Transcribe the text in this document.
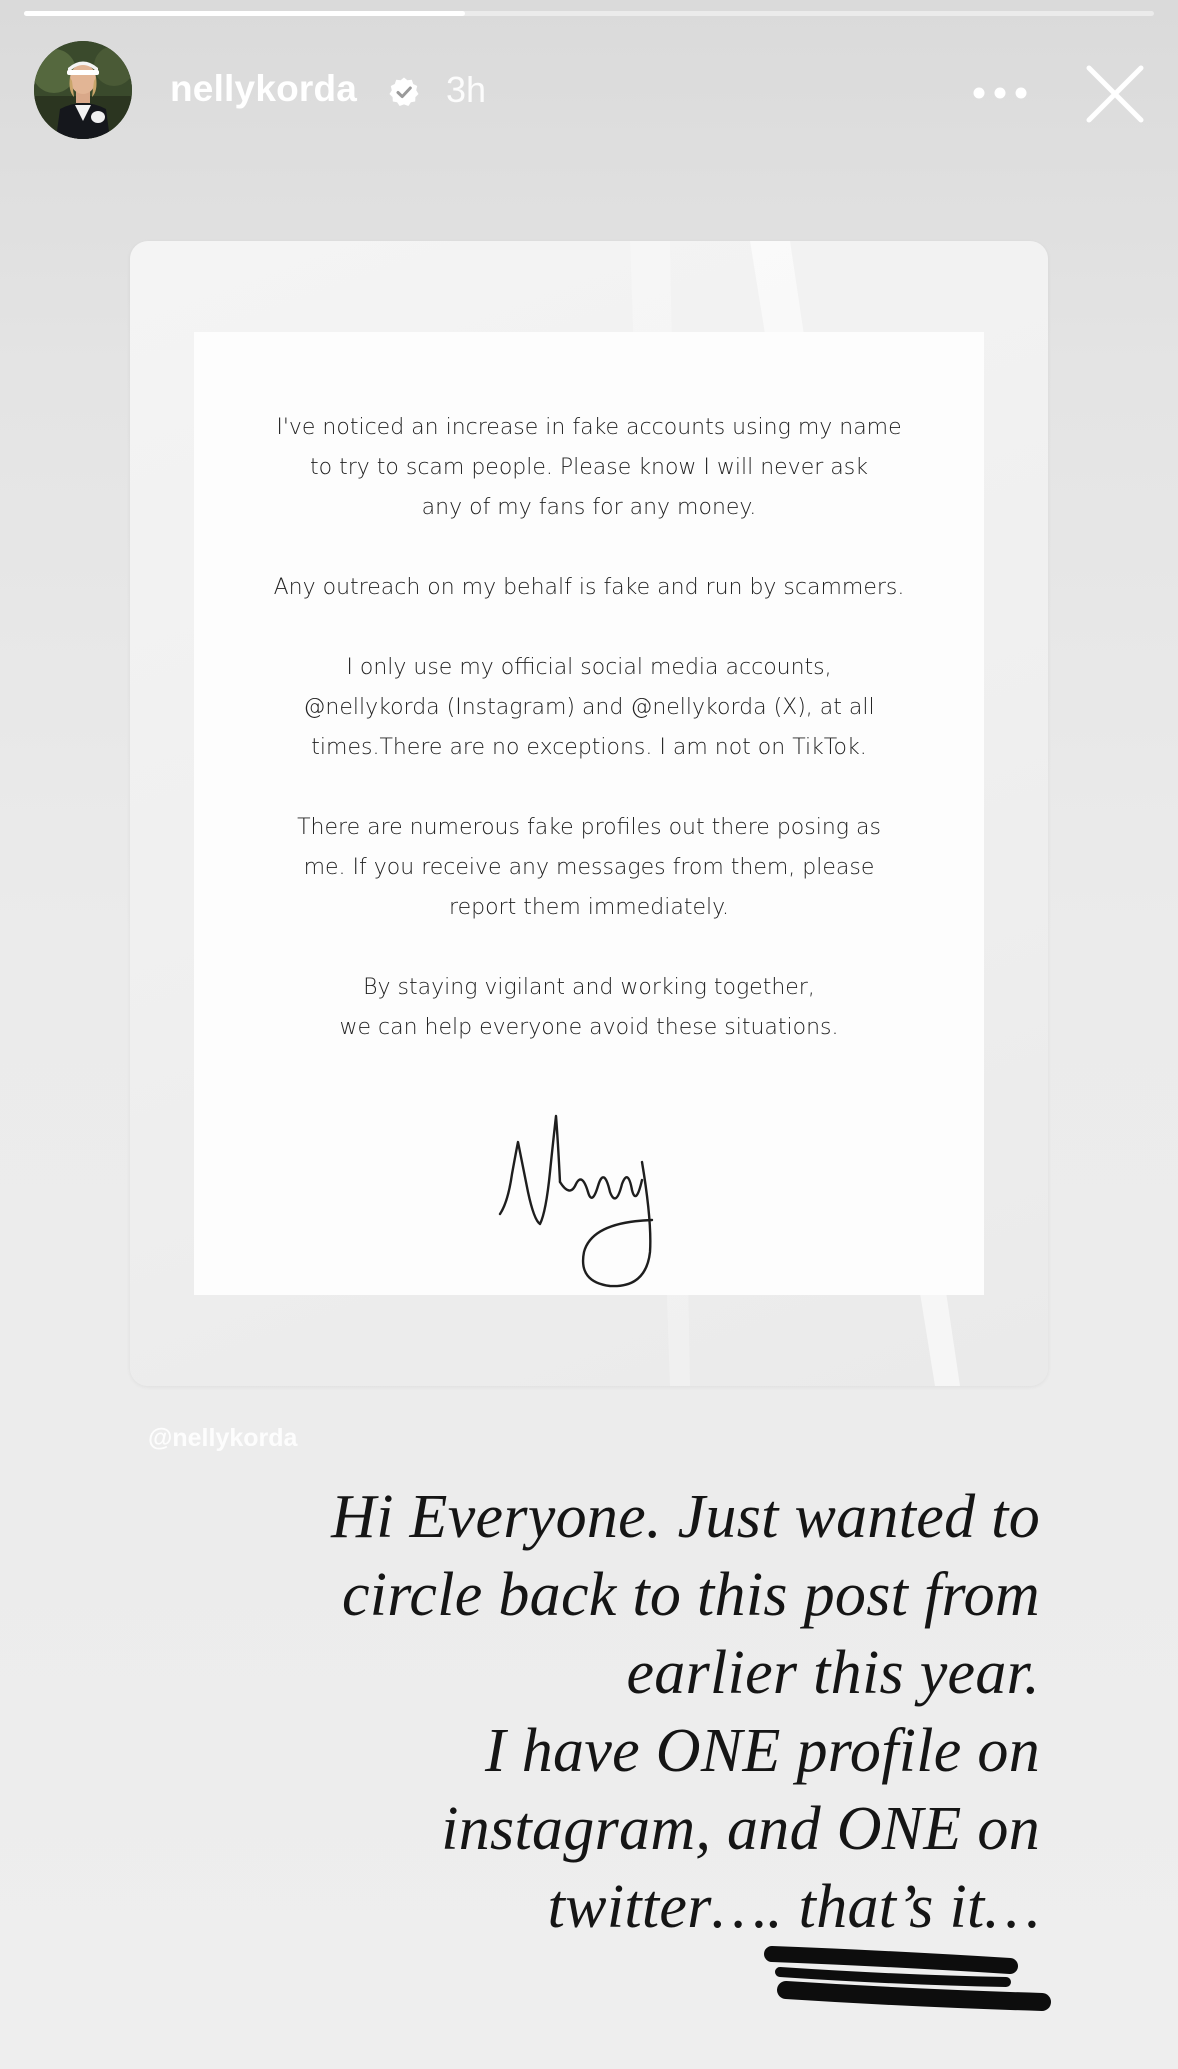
nellykorda 3h

I've noticed an increase in fake accounts using my name
to try to scam people. Please know I will never ask
any of my fans for any money.

Any outreach on my behalf is fake and run by scammers.

I only use my official social media accounts,
@nellykorda (Instagram) and @nellykorda (X), at all
times.There are no exceptions. I am not on TikTok.

There are numerous fake profiles out there posing as
me. If you receive any messages from them, please
report them immediately.

By staying vigilant and working together,
we can help everyone avoid these situations.

@nellykorda
Hi Everyone. Just wanted to
circle back to this post from
earlier this year.
I have ONE profile on
instagram, and ONE on
twitter…. that’s it…
